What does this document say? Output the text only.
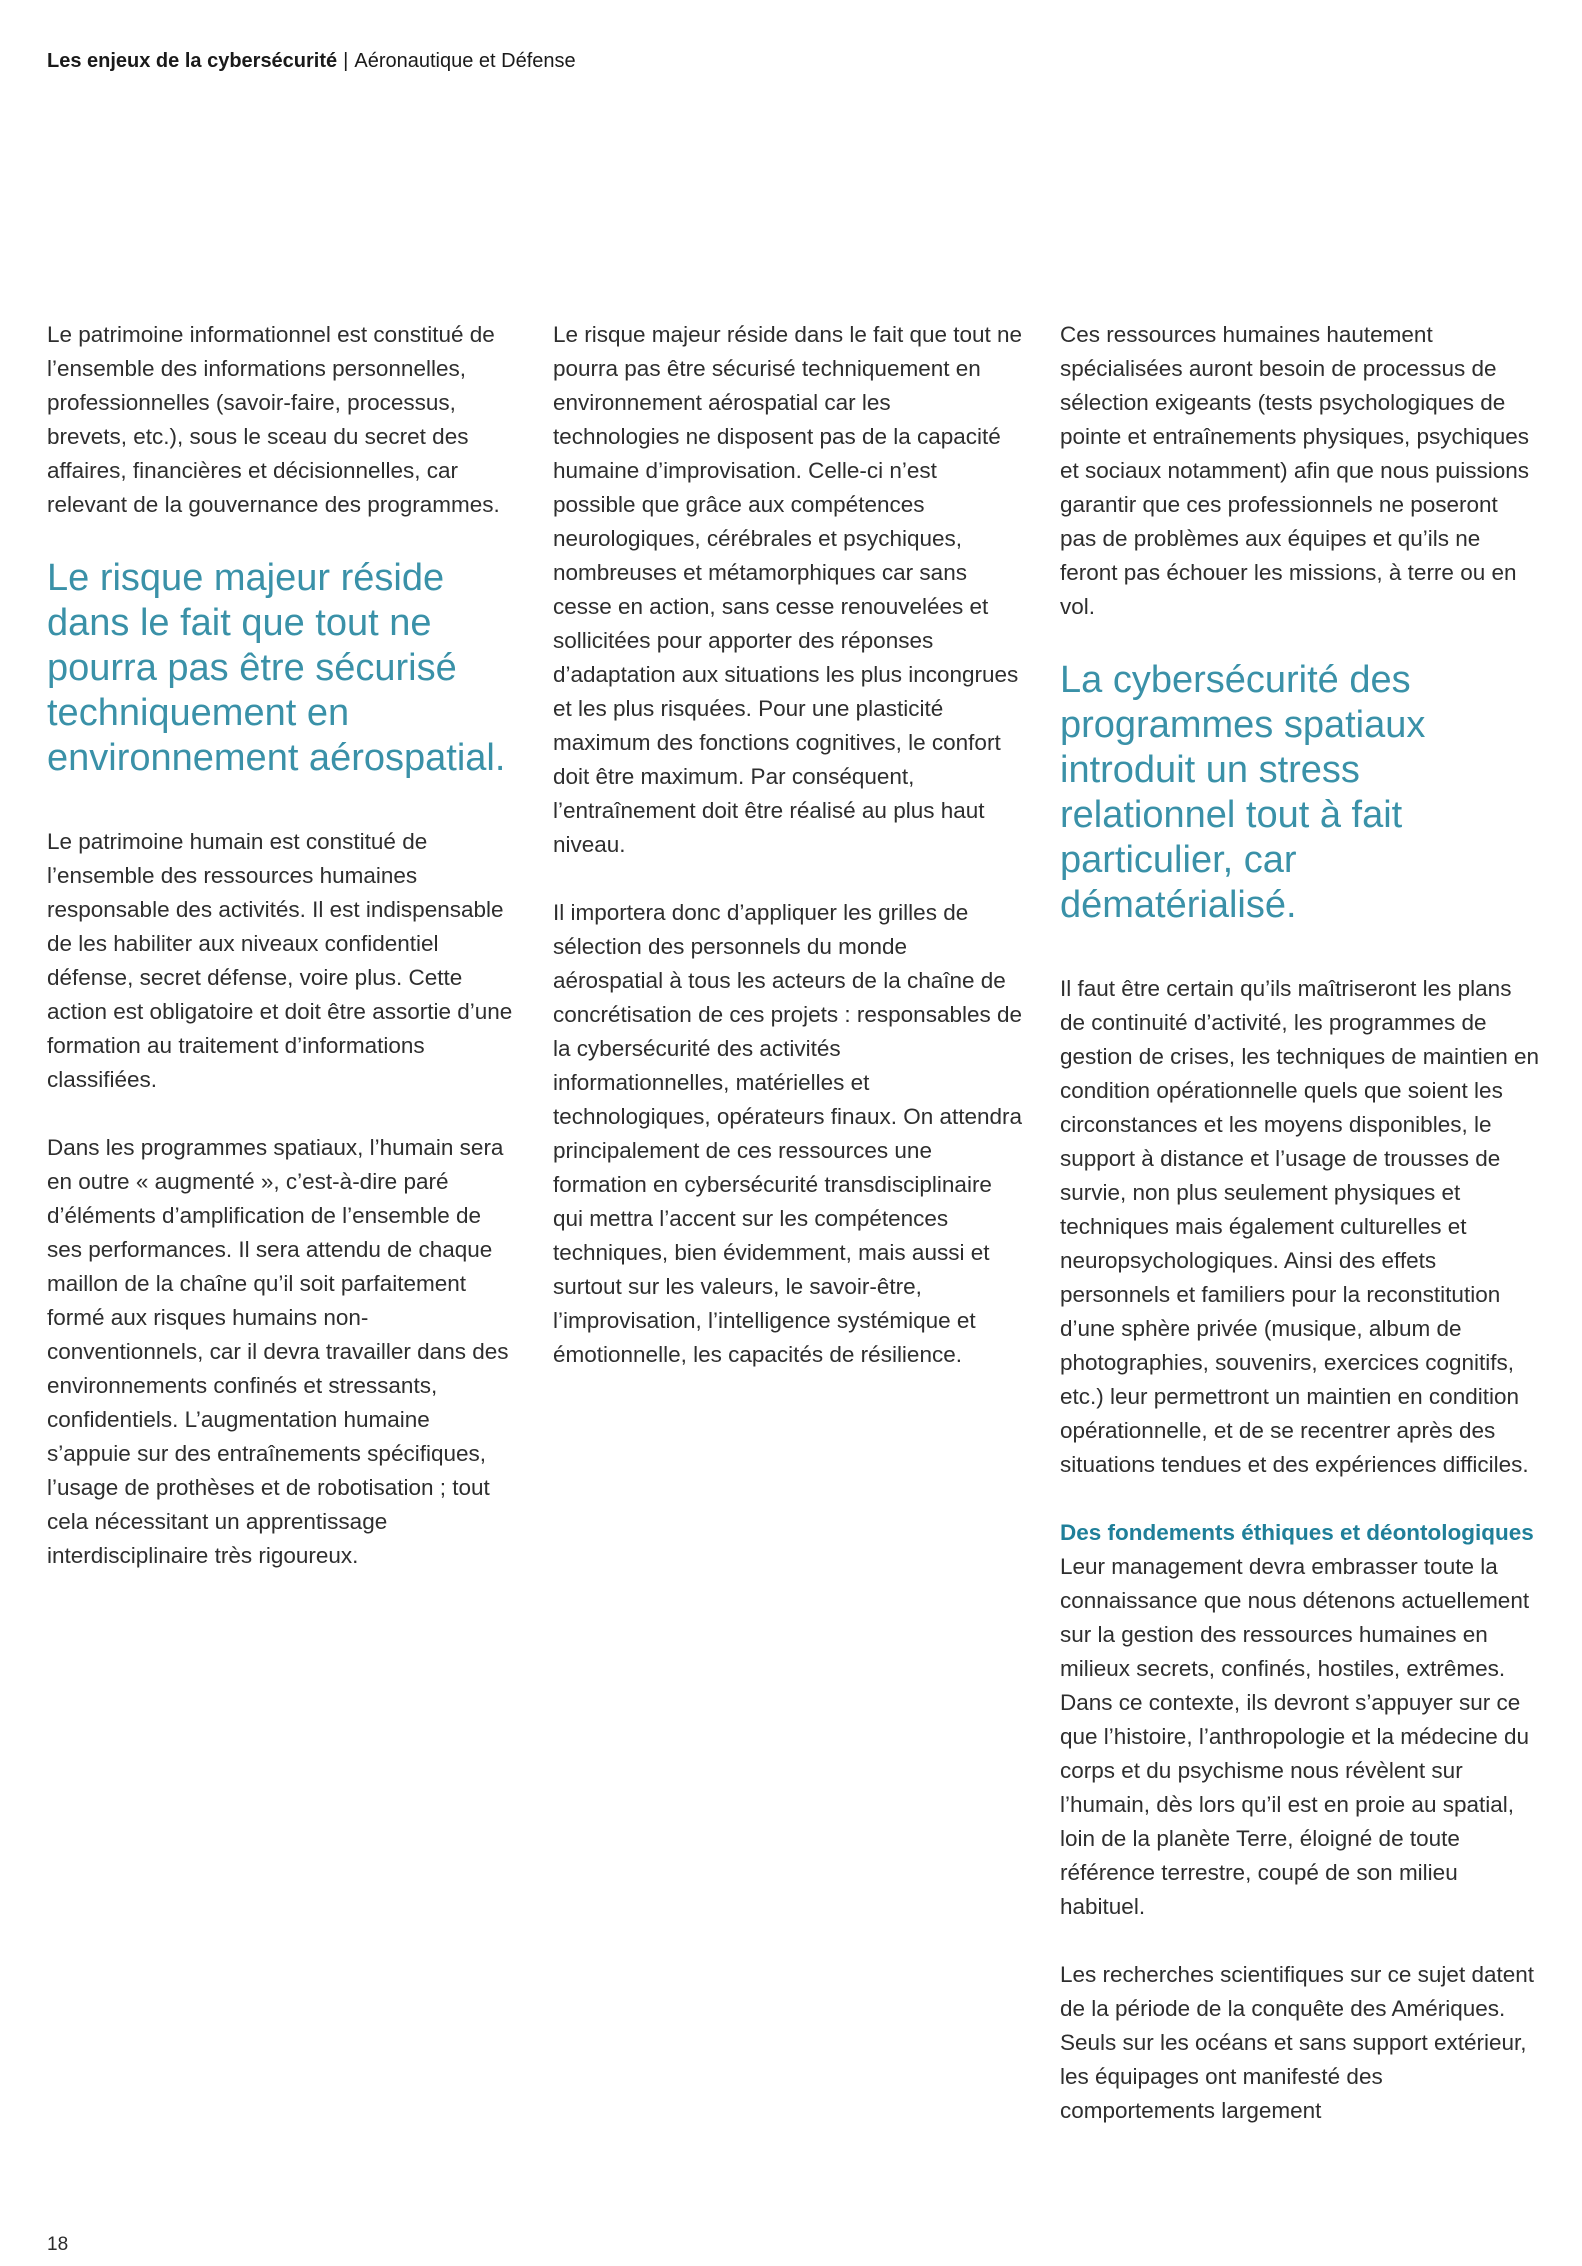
Les enjeux de la cybersécurité | Aéronautique et Défense

Le patrimoine informationnel est constitué de l’ensemble des informations personnelles, professionnelles (savoir-faire, processus, brevets, etc.), sous le sceau du secret des affaires, financières et décisionnelles, car relevant de la gouvernance des programmes.

Le risque majeur réside dans le fait que tout ne pourra pas être sécurisé techniquement en environnement aérospatial.

Le patrimoine humain est constitué de l’ensemble des ressources humaines responsable des activités. Il est indispensable de les habiliter aux niveaux confidentiel défense, secret défense, voire plus. Cette action est obligatoire et doit être assortie d’une formation au traitement d’informations classifiées.

Dans les programmes spatiaux, l’humain sera en outre « augmenté », c’est-à-dire paré d’éléments d’amplification de l’ensemble de ses performances. Il sera attendu de chaque maillon de la chaîne qu’il soit parfaitement formé aux risques humains non-conventionnels, car il devra travailler dans des environnements confinés et stressants, confidentiels. L’augmentation humaine s’appuie sur des entraînements spécifiques, l’usage de prothèses et de robotisation ; tout cela nécessitant un apprentissage interdisciplinaire très rigoureux.

Le risque majeur réside dans le fait que tout ne pourra pas être sécurisé techniquement en environnement aérospatial car les technologies ne disposent pas de la capacité humaine d’improvisation. Celle-ci n’est possible que grâce aux compétences neurologiques, cérébrales et psychiques, nombreuses et métamorphiques car sans cesse en action, sans cesse renouvelées et sollicitées pour apporter des réponses d’adaptation aux situations les plus incongrues et les plus risquées. Pour une plasticité maximum des fonctions cognitives, le confort doit être maximum. Par conséquent, l’entraînement doit être réalisé au plus haut niveau.

Il importera donc d’appliquer les grilles de sélection des personnels du monde aérospatial à tous les acteurs de la chaîne de concrétisation de ces projets : responsables de la cybersécurité des activités informationnelles, matérielles et technologiques, opérateurs finaux. On attendra principalement de ces ressources une formation en cybersécurité transdisciplinaire qui mettra l’accent sur les compétences techniques, bien évidemment, mais aussi et surtout sur les valeurs, le savoir-être, l’improvisation, l’intelligence systémique et émotionnelle, les capacités de résilience.

Ces ressources humaines hautement spécialisées auront besoin de processus de sélection exigeants (tests psychologiques de pointe et entraînements physiques, psychiques et sociaux notamment) afin que nous puissions garantir que ces professionnels ne poseront pas de problèmes aux équipes et qu’ils ne feront pas échouer les missions, à terre ou en vol.

La cybersécurité des programmes spatiaux introduit un stress relationnel tout à fait particulier, car dématérialisé.

Il faut être certain qu’ils maîtriseront les plans de continuité d’activité, les programmes de gestion de crises, les techniques de maintien en condition opérationnelle quels que soient les circonstances et les moyens disponibles, le support à distance et l’usage de trousses de survie, non plus seulement physiques et techniques mais également culturelles et neuropsychologiques. Ainsi des effets personnels et familiers pour la reconstitution d’une sphère privée (musique, album de photographies, souvenirs, exercices cognitifs, etc.) leur permettront un maintien en condition opérationnelle, et de se recentrer après des situations tendues et des expériences difficiles.

Des fondements éthiques et déontologiques

Leur management devra embrasser toute la connaissance que nous détenons actuellement sur la gestion des ressources humaines en milieux secrets, confinés, hostiles, extrêmes. Dans ce contexte, ils devront s’appuyer sur ce que l’histoire, l’anthropologie et la médecine du corps et du psychisme nous révèlent sur l’humain, dès lors qu’il est en proie au spatial, loin de la planète Terre, éloigné de toute référence terrestre, coupé de son milieu habituel.

Les recherches scientifiques sur ce sujet datent de la période de la conquête des Amériques. Seuls sur les océans et sans support extérieur, les équipages ont manifesté des comportements largement

18
